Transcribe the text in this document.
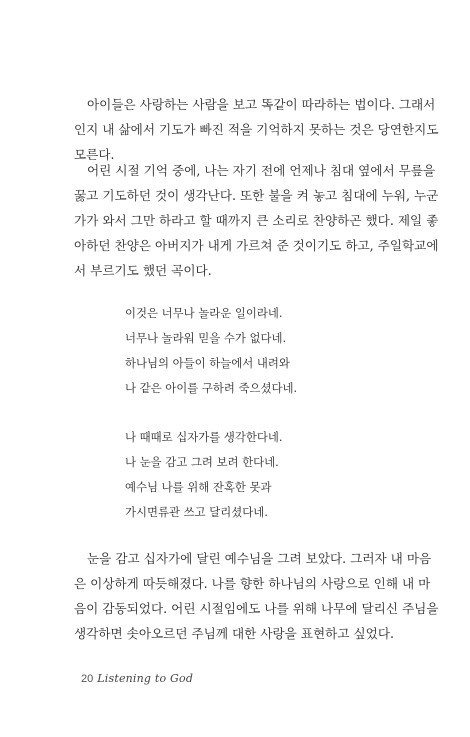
아이들은 사랑하는 사람을 보고 똑같이 따라하는 법이다. 그래서
인지 내 삶에서 기도가 빠진 적을 기억하지 못하는 것은 당연한지도
모른다.

어린 시절 기억 중에, 나는 자기 전에 언제나 침대 옆에서 무릎을
꿇고 기도하던 것이 생각난다. 또한 불을 켜 놓고 침대에 누워, 누군
가가 와서 그만 하라고 할 때까지 큰 소리로 찬양하곤 했다. 제일 좋
아하던 찬양은 아버지가 내게 가르쳐 준 것이기도 하고, 주일학교에
서 부르기도 했던 곡이다.

이것은 너무나 놀라운 일이라네.
너무나 놀라워 믿을 수가 없다네.
하나님의 아들이 하늘에서 내려와
나 같은 아이를 구하려 죽으셨다네.

나 때때로 십자가를 생각한다네.
나 눈을 감고 그려 보려 한다네.
예수님 나를 위해 잔혹한 못과
가시면류관 쓰고 달리셨다네.

눈을 감고 십자가에 달린 예수님을 그려 보았다. 그러자 내 마음
은 이상하게 따듯해졌다. 나를 향한 하나님의 사랑으로 인해 내 마
음이 감동되었다. 어린 시절임에도 나를 위해 나무에 달리신 주님을
생각하면 솟아오르던 주님께 대한 사랑을 표현하고 싶었다.

20 Listening to God
